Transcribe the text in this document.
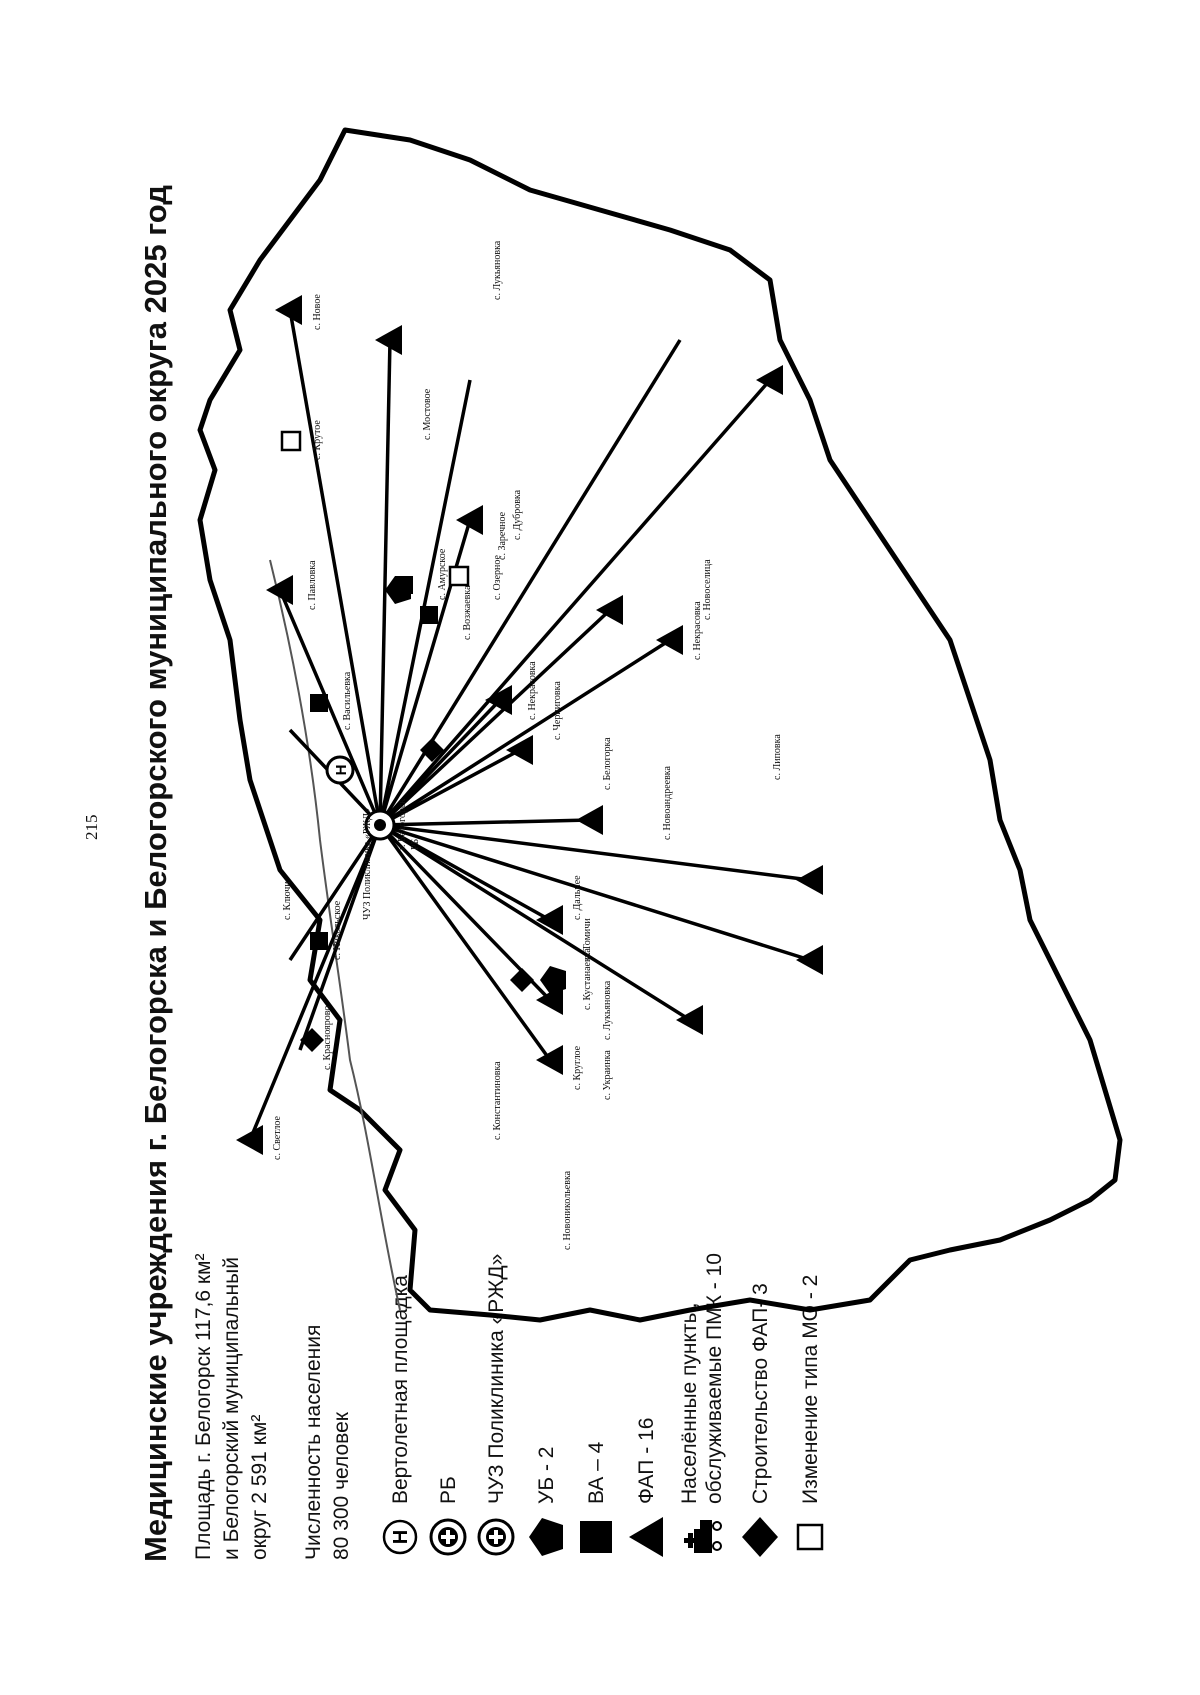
215 Медицинские учреждения г. Белогорска и Белогорского муниципального округа 2025 год Площадь г. Белогорск 117,6 км² и Белогорский муниципальный округ 2 591 км² Численность населения 80 300 человек H
Вертолетная площадка РБ ЧУЗ Поликлиника «РЖД» УБ - 2 ВА – 4 ФАП - 16 Населённые пункты, обслуживаемые ПМК - 10 Строительство ФАП- 3 Изменение типа МО - 2
H
г. Белогорск РБ
ЧУЗ Поликлиника «РЖД»
с. Новое
с. Крутое
с. Павловка
с. Васильевка
с. Амурское
с. Мостовое
с. Лукьяновка
с. Дубровка
с. Возжаевка
с. Озерное
с. Некрасовка
с. Заречное
с. Черниговка
с. Белогорка
с. Новоандреевка
с. Новоселица
с. Некрасовка
с. Дальнее
с. Кустанаевка
с. Томичи
с. Лукьяновка
с. Круглое с. Украинка
с. Никольское
с. Ключи
с. Красноярово
с. Светлое	с. Константиновка
с. Новоникольевка
с. Липовка
